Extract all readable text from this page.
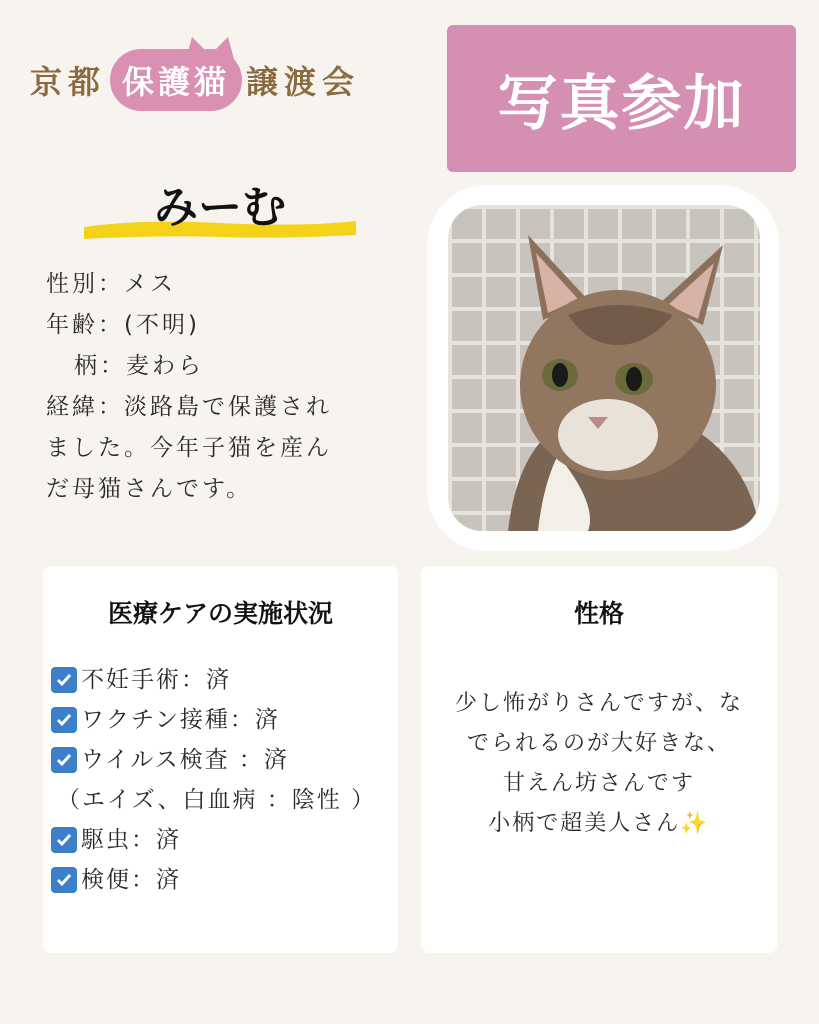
京都 保護猫 譲渡会	写真参加
みーむ
性別：メス
年齢：(不明)
柄：麦わら
経緯：淡路島で保護され
ました。今年子猫を産ん
だ母猫さんです。
医療ケアの実施状況
不妊手術：済
ワクチン接種：済
ウイルス検査 ：済
（エイズ、白血病 ：陰性 ）
駆虫：済
検便：済
性格
少し怖がりさんですが、な
でられるのが大好きな、
甘えん坊さんです
小柄で超美人さん✨
